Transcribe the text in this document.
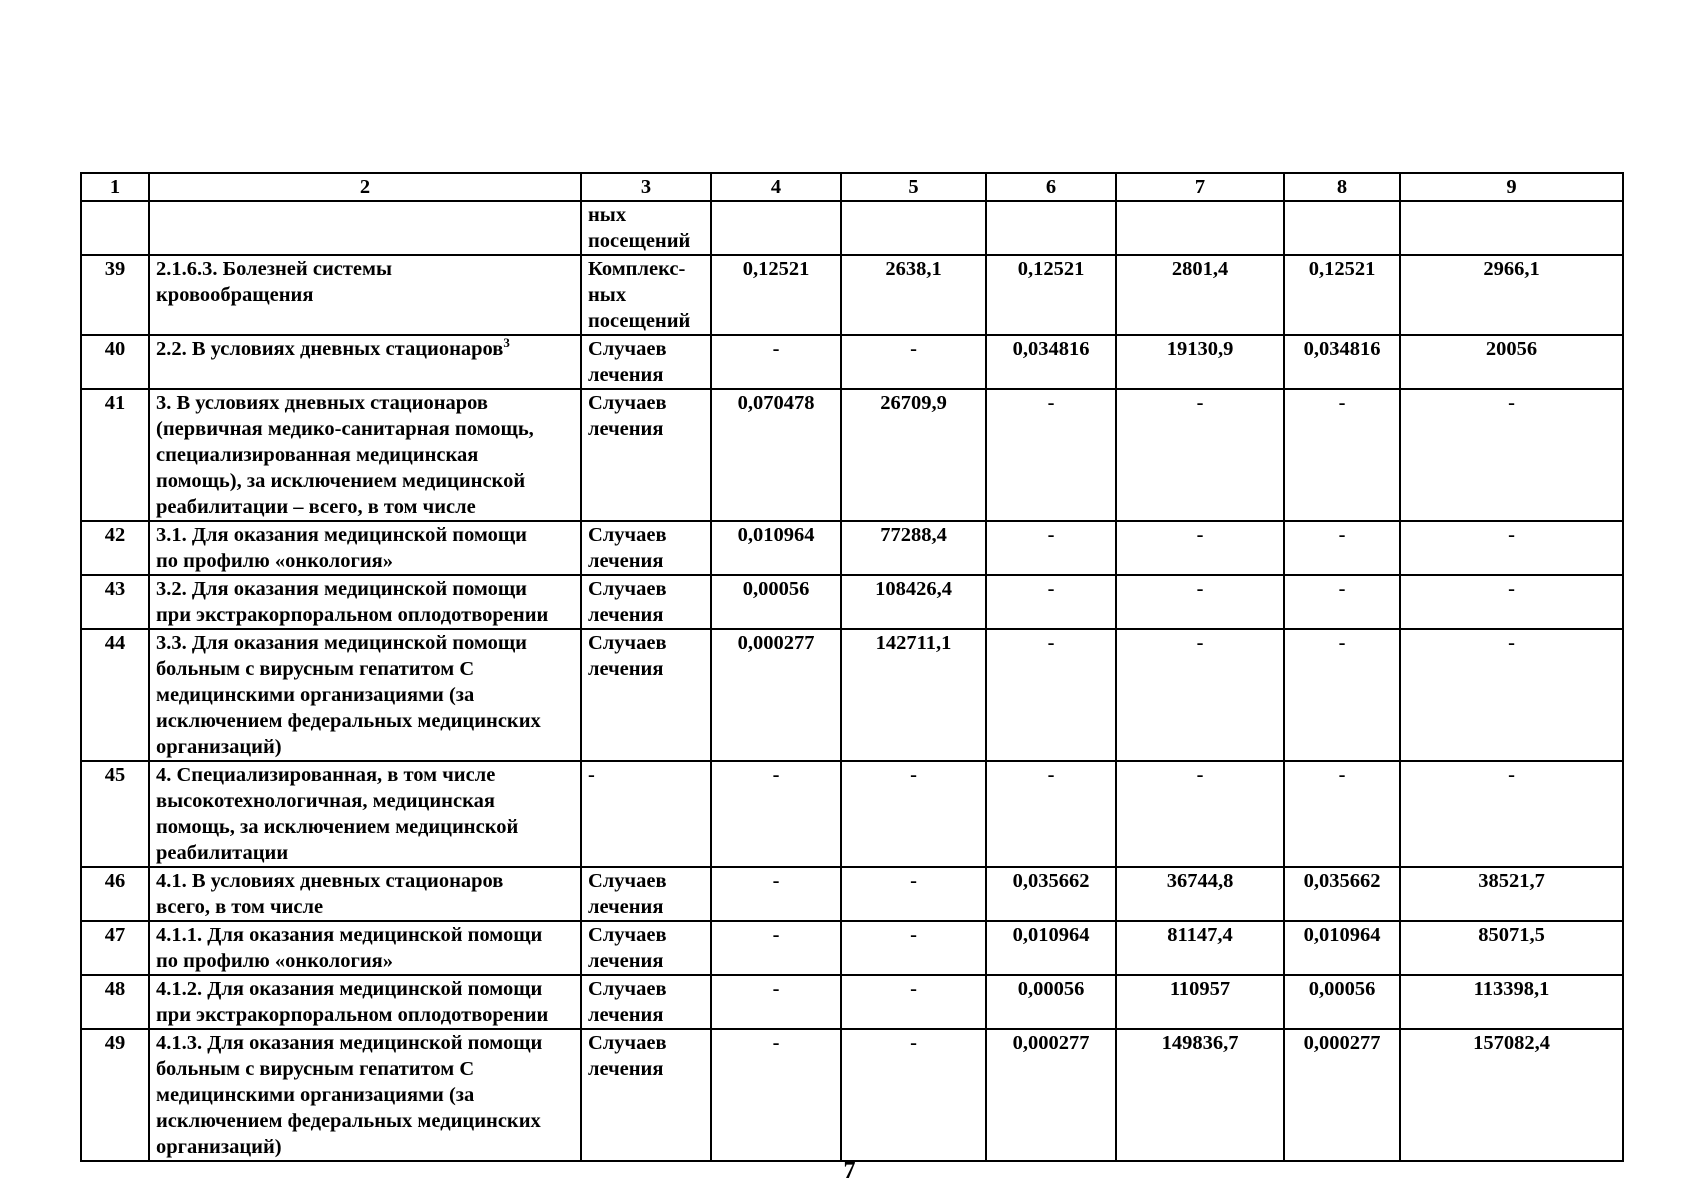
1	2	3	4	5	6	7	8	9
		ных
посещений						
39	2.1.6.3. Болезней системы
кровообращения	Комплекс-
ных
посещений	0,12521	2638,1	0,12521	2801,4	0,12521	2966,1
40	2.2. В условиях дневных стационаров$^3$	Случаев
лечения	-	-	0,034816	19130,9	0,034816	20056
41	3. В условиях дневных стационаров
(первичная медико-санитарная помощь,
специализированная медицинская
помощь), за исключением медицинской
реабилитации – всего, в том числе	Случаев
лечения	0,070478	26709,9	-	-	-	-
42	3.1. Для оказания медицинской помощи
по профилю «онкология»	Случаев
лечения	0,010964	77288,4	-	-	-	-
43	3.2. Для оказания медицинской помощи
при экстракорпоральном оплодотворении	Случаев
лечения	0,00056	108426,4	-	-	-	-
44	3.3. Для оказания медицинской помощи
больным с вирусным гепатитом С
медицинскими организациями (за
исключением федеральных медицинских
организаций)	Случаев
лечения	0,000277	142711,1	-	-	-	-
45	4. Специализированная, в том числе
высокотехнологичная, медицинская
помощь, за исключением медицинской
реабилитации	-	-	-	-	-	-	-
46	4.1. В условиях дневных стационаров
всего, в том числе	Случаев
лечения	-	-	0,035662	36744,8	0,035662	38521,7
47	4.1.1. Для оказания медицинской помощи
по профилю «онкология»	Случаев
лечения	-	-	0,010964	81147,4	0,010964	85071,5
48	4.1.2. Для оказания медицинской помощи
при экстракорпоральном оплодотворении	Случаев
лечения	-	-	0,00056	110957	0,00056	113398,1
49	4.1.3. Для оказания медицинской помощи
больным с вирусным гепатитом С
медицинскими организациями (за
исключением федеральных медицинских
организаций)	Случаев
лечения	-	-	0,000277	149836,7	0,000277	157082,4
7
